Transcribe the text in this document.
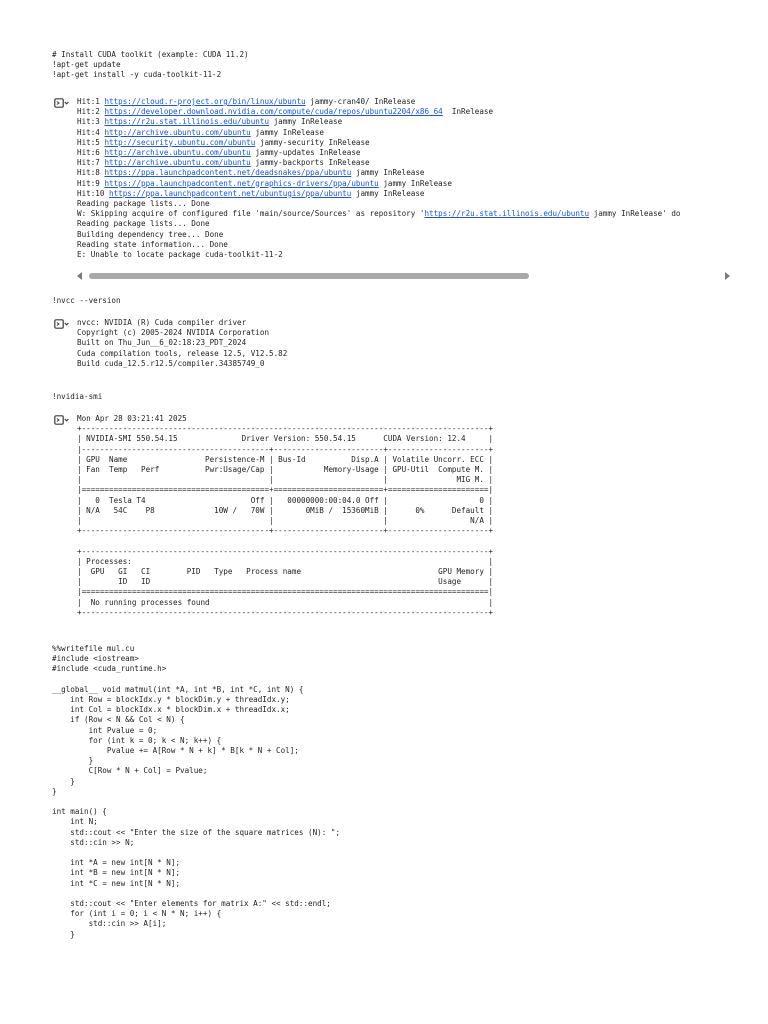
# Install CUDA toolkit (example: CUDA 11.2)
!apt-get update
!apt-get install -y cuda-toolkit-11-2
Hit:1 https://cloud.r-project.org/bin/linux/ubuntu jammy-cran40/ InRelease
Hit:2 https://developer.download.nvidia.com/compute/cuda/repos/ubuntu2204/x86_64  InRelease
Hit:3 https://r2u.stat.illinois.edu/ubuntu jammy InRelease
Hit:4 http://archive.ubuntu.com/ubuntu jammy InRelease
Hit:5 http://security.ubuntu.com/ubuntu jammy-security InRelease
Hit:6 http://archive.ubuntu.com/ubuntu jammy-updates InRelease
Hit:7 http://archive.ubuntu.com/ubuntu jammy-backports InRelease
Hit:8 https://ppa.launchpadcontent.net/deadsnakes/ppa/ubuntu jammy InRelease
Hit:9 https://ppa.launchpadcontent.net/graphics-drivers/ppa/ubuntu jammy InRelease
Hit:10 https://ppa.launchpadcontent.net/ubuntugis/ppa/ubuntu jammy InRelease
Reading package lists... Done
W: Skipping acquire of configured file 'main/source/Sources' as repository 'https://r2u.stat.illinois.edu/ubuntu jammy InRelease' do
Reading package lists... Done
Building dependency tree... Done
Reading state information... Done
E: Unable to locate package cuda-toolkit-11-2
!nvcc --version
nvcc: NVIDIA (R) Cuda compiler driver
Copyright (c) 2005-2024 NVIDIA Corporation
Built on Thu_Jun__6_02:18:23_PDT_2024
Cuda compilation tools, release 12.5, V12.5.82
Build cuda_12.5.r12.5/compiler.34385749_0
!nvidia-smi
Mon Apr 28 03:21:41 2025
+-----------------------------------------------------------------------------------------+
| NVIDIA-SMI 550.54.15              Driver Version: 550.54.15      CUDA Version: 12.4     |
|-----------------------------------------+------------------------+----------------------+
| GPU  Name                 Persistence-M | Bus-Id          Disp.A | Volatile Uncorr. ECC |
| Fan  Temp   Perf          Pwr:Usage/Cap |           Memory-Usage | GPU-Util  Compute M. |
|                                         |                        |               MIG M. |
|=========================================+========================+======================|
|   0  Tesla T4                       Off |   00000000:00:04.0 Off |                    0 |
| N/A   54C    P8             10W /   70W |       0MiB /  15360MiB |      0%      Default |
|                                         |                        |                  N/A |
+-----------------------------------------+------------------------+----------------------+

+-----------------------------------------------------------------------------------------+
| Processes:                                                                              |
|  GPU   GI   CI        PID   Type   Process name                              GPU Memory |
|        ID   ID                                                               Usage      |
|=========================================================================================|
|  No running processes found                                                             |
+-----------------------------------------------------------------------------------------+
%%writefile mul.cu
#include <iostream>
#include <cuda_runtime.h>

__global__ void matmul(int *A, int *B, int *C, int N) {
int Row = blockIdx.y * blockDim.y + threadIdx.y;
int Col = blockIdx.x * blockDim.x + threadIdx.x;
if (Row < N && Col < N) {
int Pvalue = 0;
for (int k = 0; k < N; k++) {
Pvalue += A[Row * N + k] * B[k * N + Col];
}
C[Row * N + Col] = Pvalue;
}
}

int main() {
int N;
std::cout << "Enter the size of the square matrices (N): ";
std::cin >> N;

int *A = new int[N * N];
int *B = new int[N * N];
int *C = new int[N * N];

std::cout << "Enter elements for matrix A:" << std::endl;
for (int i = 0; i < N * N; i++) {
std::cin >> A[i];
}
